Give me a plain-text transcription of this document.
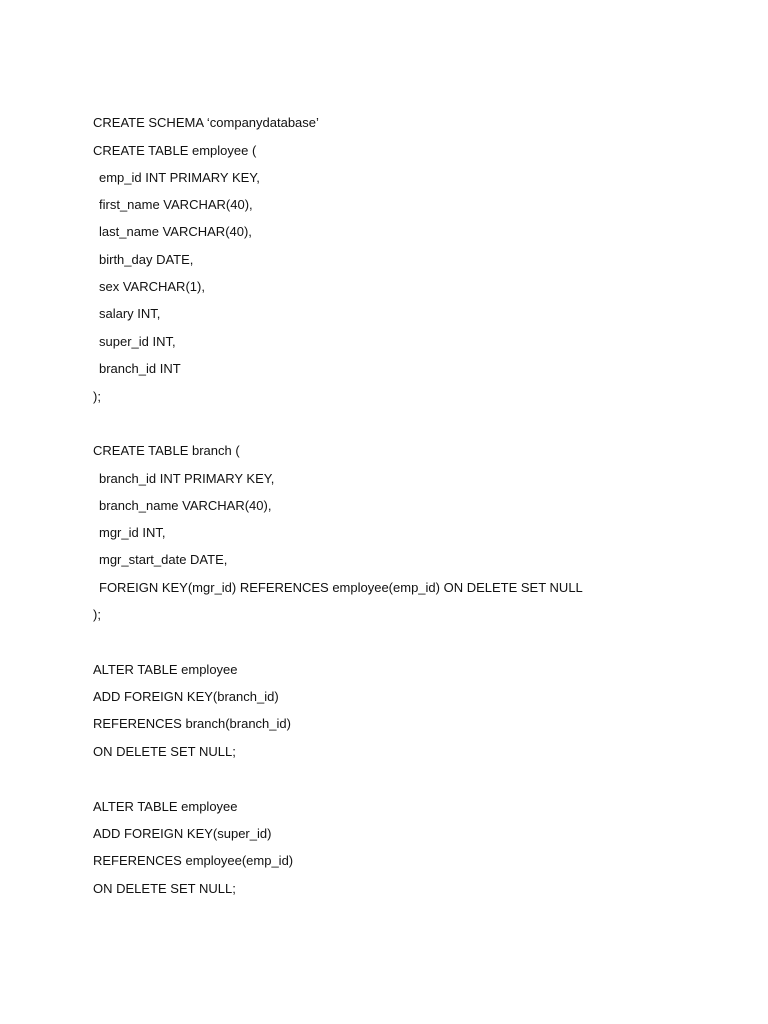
CREATE SCHEMA ‘companydatabase’

CREATE TABLE employee (

emp_id INT PRIMARY KEY,

first_name VARCHAR(40),

last_name VARCHAR(40),

birth_day DATE,

sex VARCHAR(1),

salary INT,

super_id INT,

branch_id INT

);

CREATE TABLE branch (

branch_id INT PRIMARY KEY,

branch_name VARCHAR(40),

mgr_id INT,

mgr_start_date DATE,

FOREIGN KEY(mgr_id) REFERENCES employee(emp_id) ON DELETE SET NULL

);

ALTER TABLE employee

ADD FOREIGN KEY(branch_id)

REFERENCES branch(branch_id)

ON DELETE SET NULL;

ALTER TABLE employee

ADD FOREIGN KEY(super_id)

REFERENCES employee(emp_id)

ON DELETE SET NULL;
